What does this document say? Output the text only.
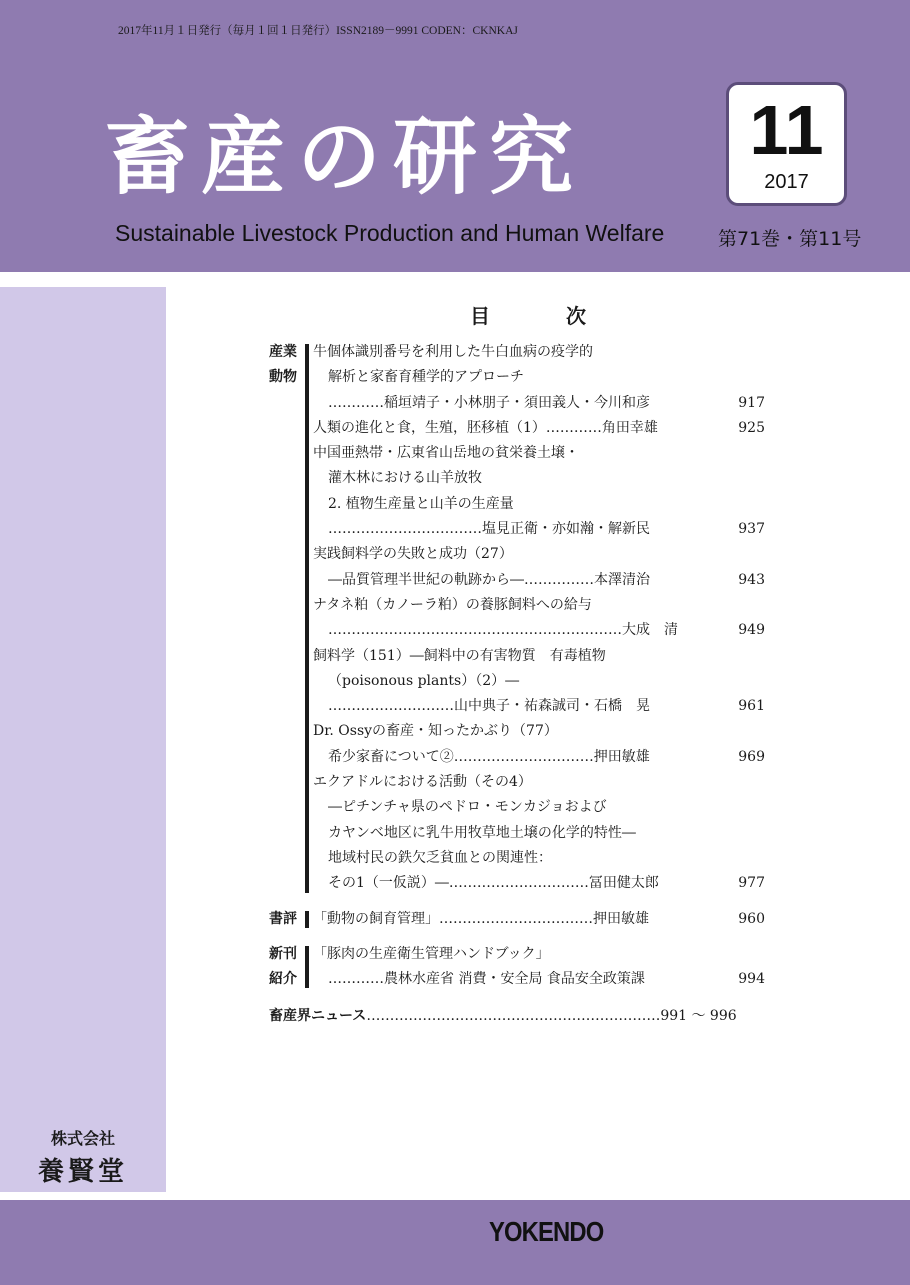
2017年11月１日発行（毎月１回１日発行）ISSN2189－9991 CODEN：CKNKAJ
畜産の研究
Sustainable Livestock Production and Human Welfare
11
2017
第71巻・第11号
株式会社
養賢堂
YOKENDO
目　次
産業
動物
牛個体識別番号を利用した牛白血病の疫学的
解析と家畜育種学的アプローチ
…………稲垣靖子・小林朋子・須田義人・今川和彦	917
人類の進化と食，生殖，胚移植（1）…………角田幸雄	925
中国亜熱帯・広東省山岳地の貧栄養土壌・
灌木林における山羊放牧
2. 植物生産量と山羊の生産量
……………………………塩見正衛・亦如瀚・解新民	937
実践飼料学の失敗と成功（27）
―品質管理半世紀の軌跡から―……………本澤清治	943
ナタネ粕（カノーラ粕）の養豚飼料への給与
………………………………………………………大成　清	949
飼料学（151）―飼料中の有害物質　有毒植物
（poisonous plants）（2）―
………………………山中典子・祐森誠司・石橋　晃	961
Dr. Ossyの畜産・知ったかぶり（77）
希少家畜について②…………………………押田敏雄	969
エクアドルにおける活動（その4）
―ピチンチャ県のペドロ・モンカジョおよび
カヤンベ地区に乳牛用牧草地土壌の化学的特性―
地域村民の鉄欠乏貧血との関連性：
その1（一仮説）―…………………………冨田健太郎	977
書評	「動物の飼育管理」……………………………押田敏雄	960
新刊
紹介
「豚肉の生産衛生管理ハンドブック」
…………農林水産省 消費・安全局 食品安全政策課	994
畜産界ニュース………………………………………………………991 ～ 996
